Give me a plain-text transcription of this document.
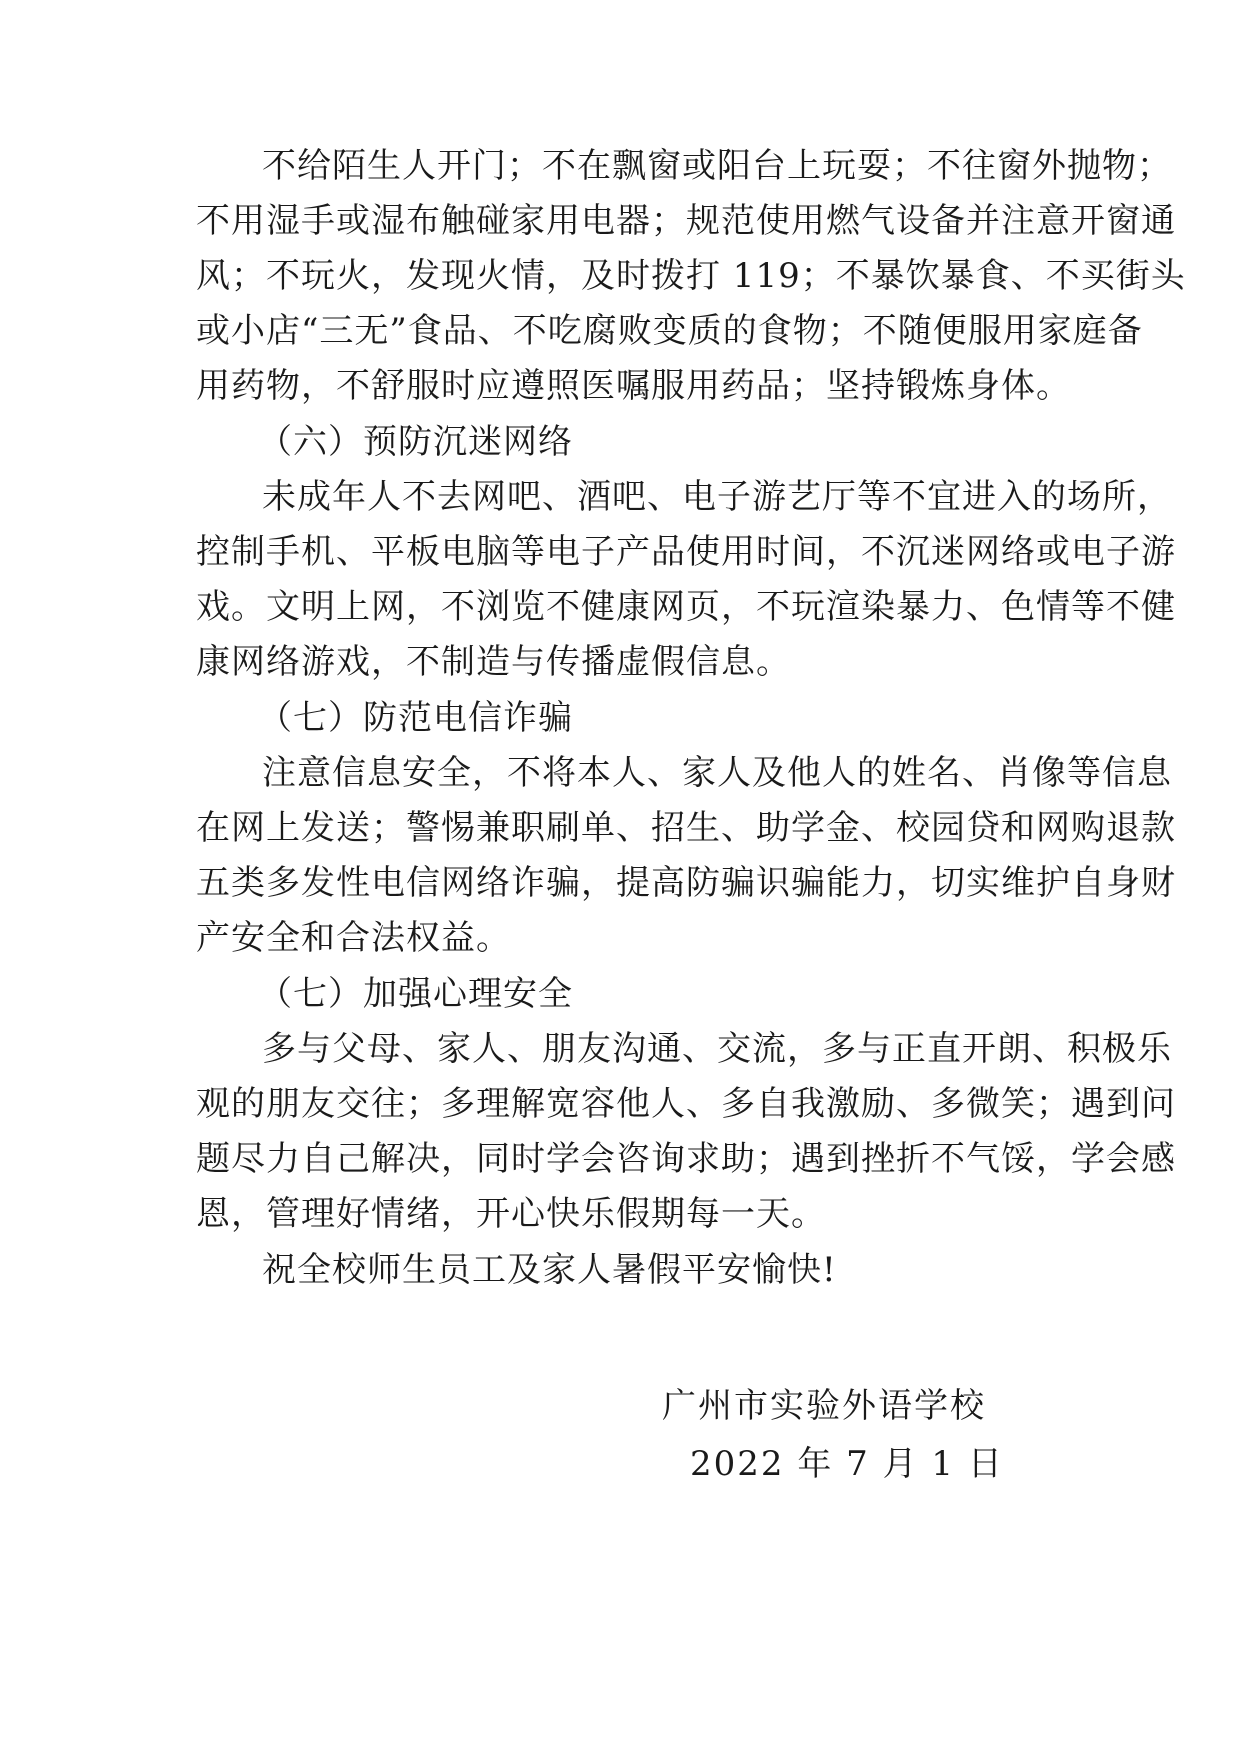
不给陌生人开门；不在飘窗或阳台上玩耍；不往窗外抛物；
不用湿手或湿布触碰家用电器；规范使用燃气设备并注意开窗通
风；不玩火，发现火情，及时拨打 119；不暴饮暴食、不买街头
或小店“三无”食品、不吃腐败变质的食物；不随便服用家庭备
用药物，不舒服时应遵照医嘱服用药品；坚持锻炼身体。
（六）预防沉迷网络
未成年人不去网吧、酒吧、电子游艺厅等不宜进入的场所，
控制手机、平板电脑等电子产品使用时间，不沉迷网络或电子游
戏。文明上网，不浏览不健康网页，不玩渲染暴力、色情等不健
康网络游戏，不制造与传播虚假信息。
（七）防范电信诈骗
注意信息安全，不将本人、家人及他人的姓名、肖像等信息
在网上发送；警惕兼职刷单、招生、助学金、校园贷和网购退款
五类多发性电信网络诈骗，提高防骗识骗能力，切实维护自身财
产安全和合法权益。
（七）加强心理安全
多与父母、家人、朋友沟通、交流，多与正直开朗、积极乐
观的朋友交往；多理解宽容他人、多自我激励、多微笑；遇到问
题尽力自己解决，同时学会咨询求助；遇到挫折不气馁，学会感
恩，管理好情绪，开心快乐假期每一天。
祝全校师生员工及家人暑假平安愉快!
广州市实验外语学校
2022 年 7 月 1 日
